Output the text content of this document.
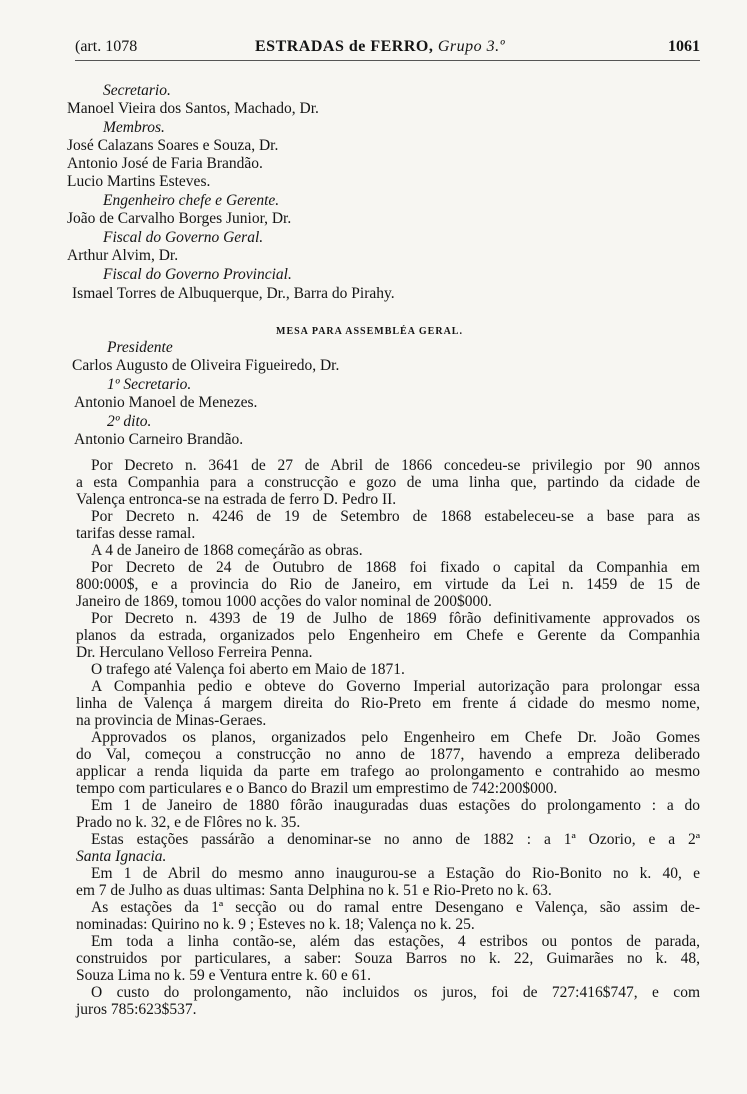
(art. 1078	ESTRADAS de FERRO, Grupo 3.º	1061
Secretario.
Manoel Vieira dos Santos, Machado, Dr.
Membros.
José Calazans Soares e Souza, Dr.
Antonio José de Faria Brandão.
Lucio Martins Esteves.
Engenheiro chefe e Gerente.
João de Carvalho Borges Junior, Dr.
Fiscal do Governo Geral.
Arthur Alvim, Dr.
Fiscal do Governo Provincial.
Ismael Torres de Albuquerque, Dr., Barra do Pirahy.
MESA PARA ASSEMBLÉA GERAL.
Presidente
Carlos Augusto de Oliveira Figueiredo, Dr.
1º Secretario.
Antonio Manoel de Menezes.
2º dito.
Antonio Carneiro Brandão.
Por Decreto n. 3641 de 27 de Abril de 1866 concedeu-se privilegio por 90 annos
a esta Companhia para a construcção e gozo de uma linha que, partindo da cidade de
Valença entronca-se na estrada de ferro D. Pedro II.
Por Decreto n. 4246 de 19 de Setembro de 1868 estabeleceu-se a base para as
tarifas desse ramal.
A 4 de Janeiro de 1868 começárão as obras.
Por Decreto de 24 de Outubro de 1868 foi fixado o capital da Companhia em
800:000$, e a provincia do Rio de Janeiro, em virtude da Lei n. 1459 de 15 de
Janeiro de 1869, tomou 1000 acções do valor nominal de 200$000.
Por Decreto n. 4393 de 19 de Julho de 1869 fôrão definitivamente approvados os
planos da estrada, organizados pelo Engenheiro em Chefe e Gerente da Companhia
Dr. Herculano Velloso Ferreira Penna.
O trafego até Valença foi aberto em Maio de 1871.
A Companhia pedio e obteve do Governo Imperial autorização para prolongar essa
linha de Valença á margem direita do Rio-Preto em frente á cidade do mesmo nome,
na provincia de Minas-Geraes.
Approvados os planos, organizados pelo Engenheiro em Chefe Dr. João Gomes
do Val, começou a construcção no anno de 1877, havendo a empreza deliberado
applicar a renda liquida da parte em trafego ao prolongamento e contrahido ao mesmo
tempo com particulares e o Banco do Brazil um emprestimo de 742:200$000.
Em 1 de Janeiro de 1880 fôrão inauguradas duas estações do prolongamento : a do
Prado no k. 32, e de Flôres no k. 35.
Estas estações passárão a denominar-se no anno de 1882 : a 1ª Ozorio, e a 2ª
Santa Ignacia.
Em 1 de Abril do mesmo anno inaugurou-se a Estação do Rio-Bonito no k. 40, e
em 7 de Julho as duas ultimas: Santa Delphina no k. 51 e Rio-Preto no k. 63.
As estações da 1ª secção ou do ramal entre Desengano e Valença, são assim de-
nominadas: Quirino no k. 9 ; Esteves no k. 18; Valença no k. 25.
Em toda a linha contão-se, além das estações, 4 estribos ou pontos de parada,
construidos por particulares, a saber: Souza Barros no k. 22, Guimarães no k. 48,
Souza Lima no k. 59 e Ventura entre k. 60 e 61.
O custo do prolongamento, não incluidos os juros, foi de 727:416$747, e com
juros 785:623$537.
